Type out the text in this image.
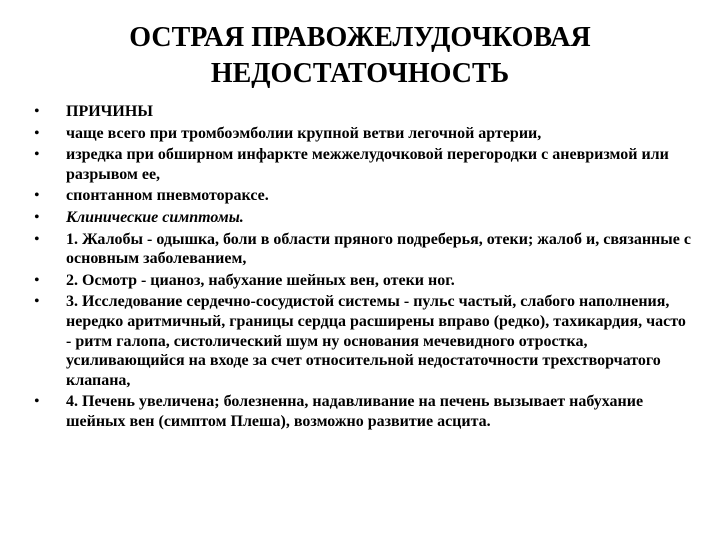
ОСТРАЯ ПРАВОЖЕЛУДОЧКОВАЯ
НЕДОСТАТОЧНОСТЬ
• ПРИЧИНЫ
• чаще всего при тромбоэмболии крупной ветви легочной артерии,
• изредка при обширном инфаркте межжелудочковой перегородки с аневризмой или разрывом ее,
• спонтанном пневмотораксе.
• Клинические симптомы.
• 1. Жалобы - одышка, боли в области пряного подреберья, отеки; жалоб и, связанные с основным заболеванием,
• 2. Осмотр - цианоз, набухание шейных вен, отеки ног.
• 3. Исследование сердечно-сосудистой системы - пульс частый, слабого наполнения, нередко аритмичный, границы сердца расширены вправо (редко), тахикардия, часто - ритм галопа, систолический шум ну основания мечевидного отростка, усиливающийся на входе за счет относительной недостаточности трехстворчатого клапана,
• 4. Печень увеличена; болезненна, надавливание на печень вызывает набухание шейных вен (симптом Плеша), возможно развитие асцита.
